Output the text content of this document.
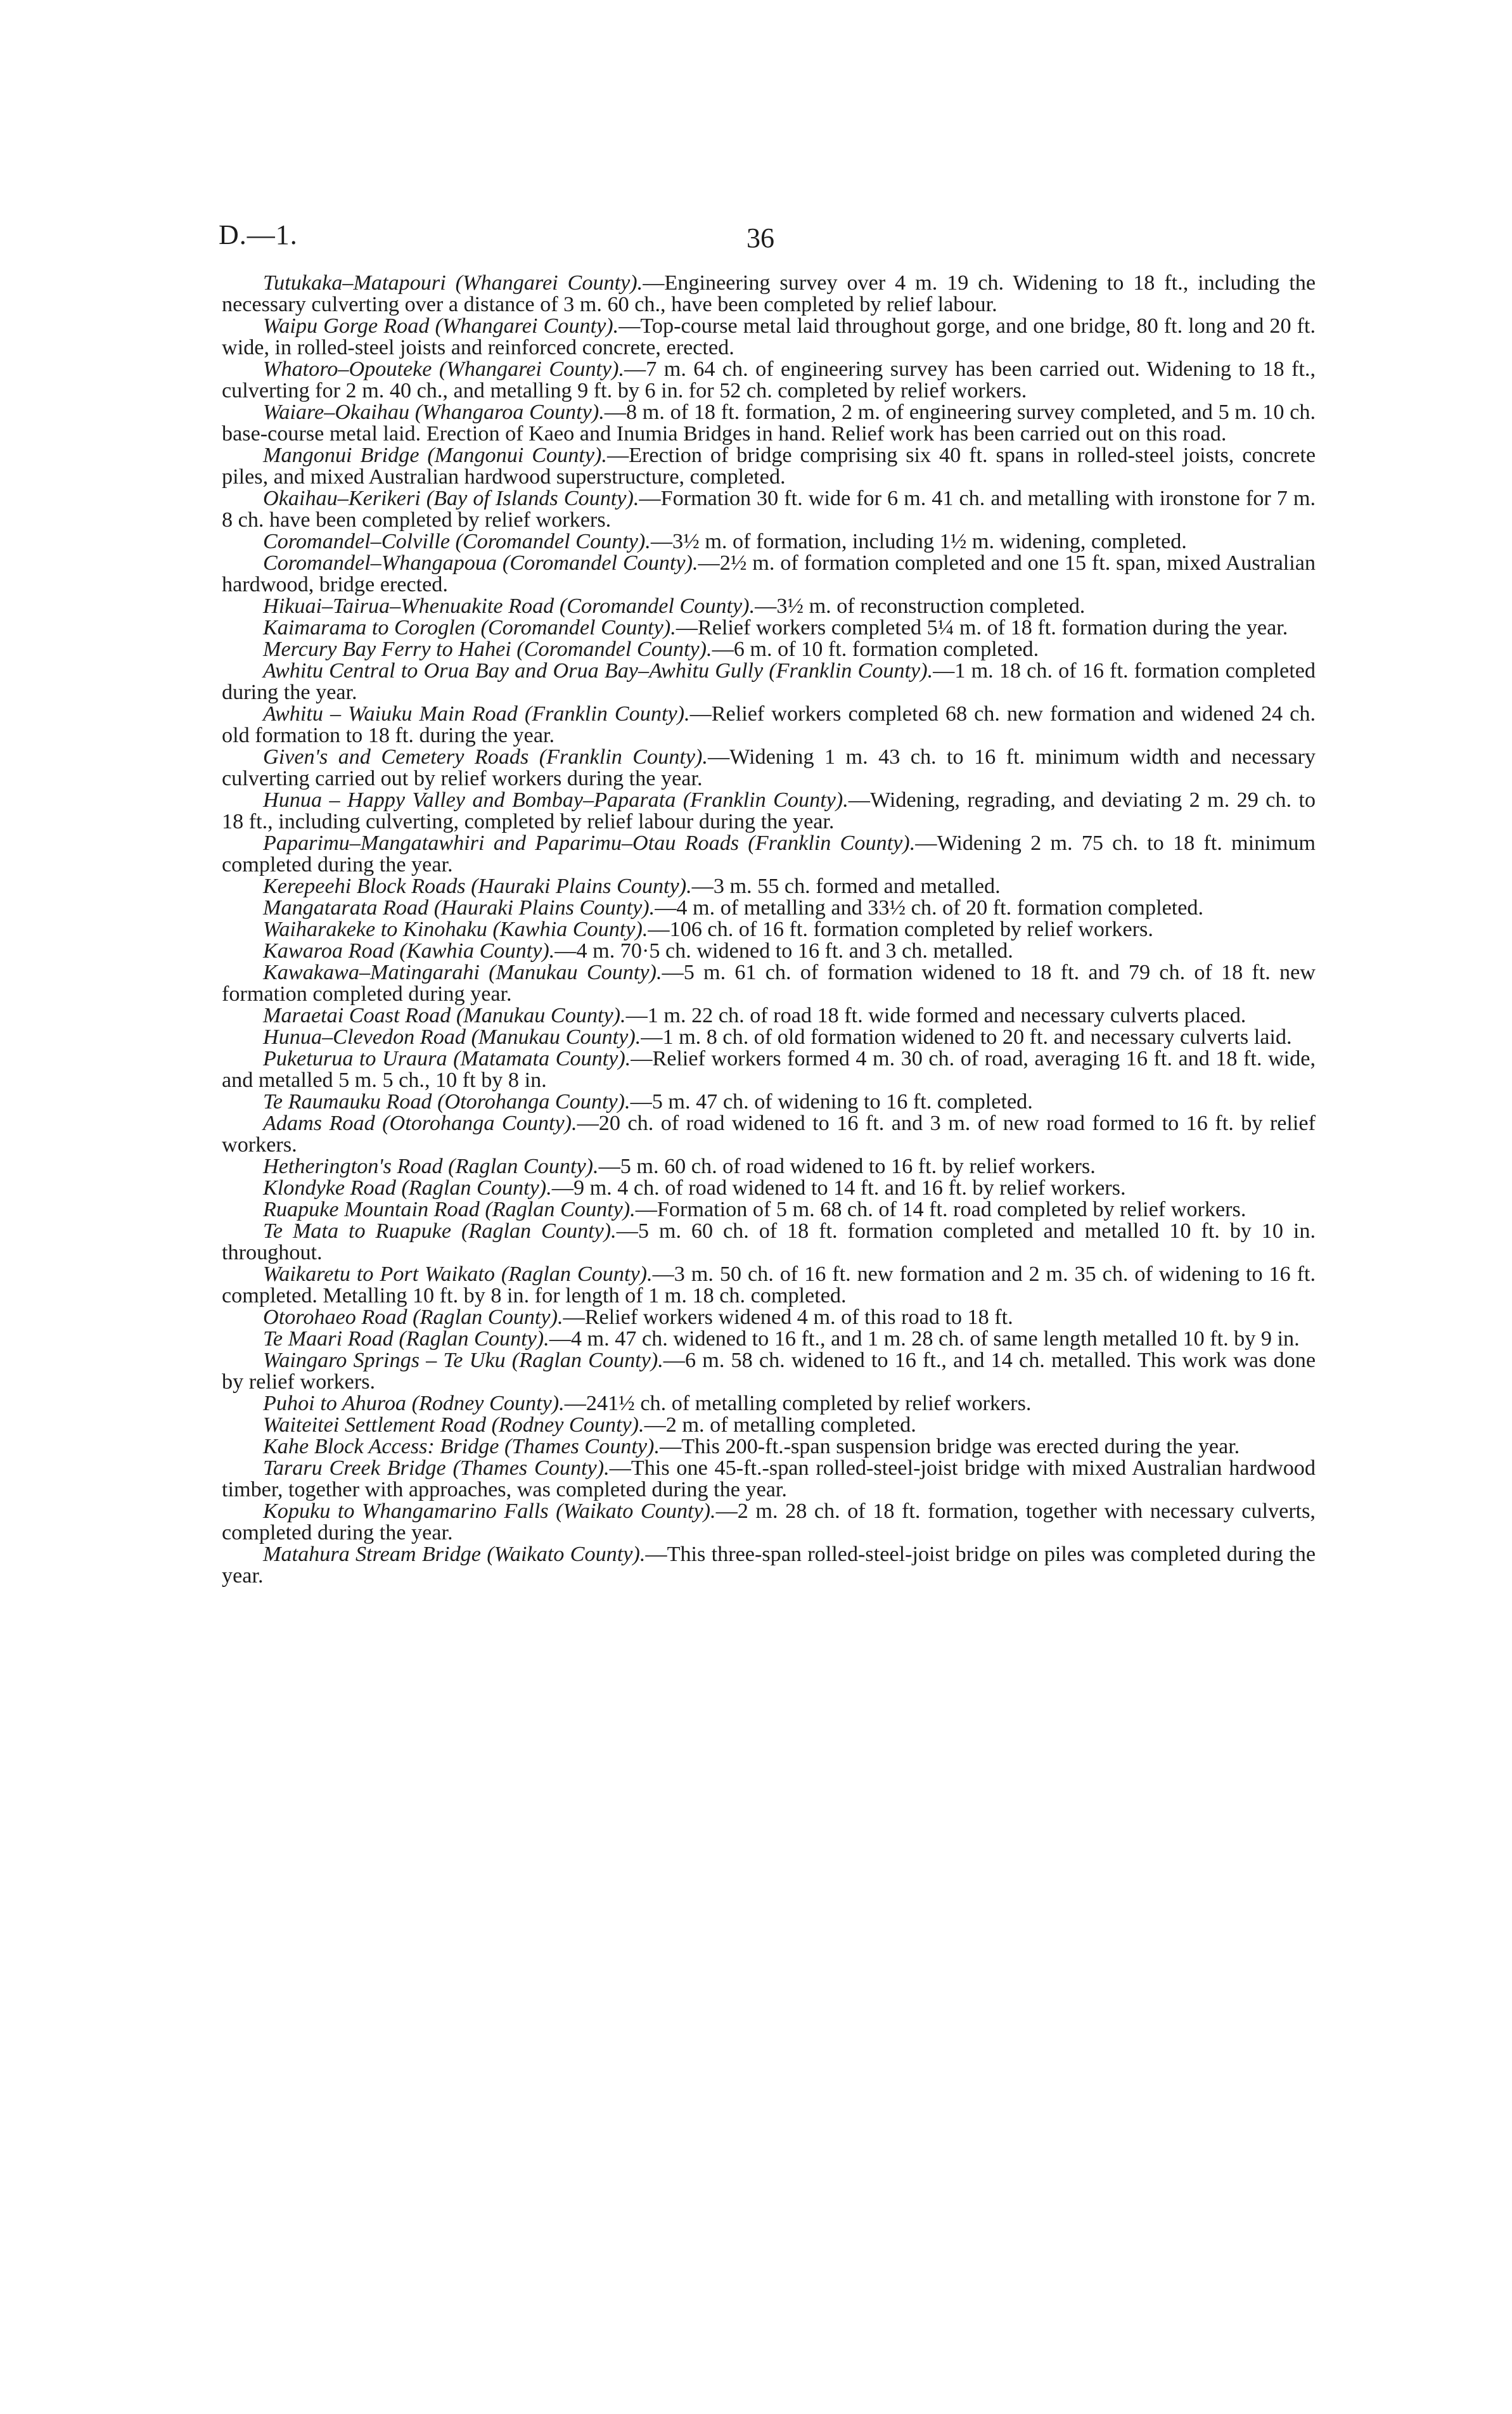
D.—1.	36

Tutukaka–Matapouri (Whangarei County).—Engineering survey over 4 m. 19 ch. Widening to 18 ft., including the necessary culverting over a distance of 3 m. 60 ch., have been completed by relief labour.

Waipu Gorge Road (Whangarei County).—Top-course metal laid throughout gorge, and one bridge, 80 ft. long and 20 ft. wide, in rolled-steel joists and reinforced concrete, erected.

Whatoro–Opouteke (Whangarei County).—7 m. 64 ch. of engineering survey has been carried out. Widening to 18 ft., culverting for 2 m. 40 ch., and metalling 9 ft. by 6 in. for 52 ch. completed by relief workers.

Waiare–Okaihau (Whangaroa County).—8 m. of 18 ft. formation, 2 m. of engineering survey completed, and 5 m. 10 ch. base-course metal laid. Erection of Kaeo and Inumia Bridges in hand. Relief work has been carried out on this road.

Mangonui Bridge (Mangonui County).—Erection of bridge comprising six 40 ft. spans in rolled-steel joists, concrete piles, and mixed Australian hardwood superstructure, completed.

Okaihau–Kerikeri (Bay of Islands County).—Formation 30 ft. wide for 6 m. 41 ch. and metalling with ironstone for 7 m. 8 ch. have been completed by relief workers.

Coromandel–Colville (Coromandel County).—3½ m. of formation, including 1½ m. widening, completed.

Coromandel–Whangapoua (Coromandel County).—2½ m. of formation completed and one 15 ft. span, mixed Australian hardwood, bridge erected.

Hikuai–Tairua–Whenuakite Road (Coromandel County).—3½ m. of reconstruction completed.

Kaimarama to Coroglen (Coromandel County).—Relief workers completed 5¼ m. of 18 ft. formation during the year.

Mercury Bay Ferry to Hahei (Coromandel County).—6 m. of 10 ft. formation completed.

Awhitu Central to Orua Bay and Orua Bay–Awhitu Gully (Franklin County).—1 m. 18 ch. of 16 ft. formation completed during the year.

Awhitu – Waiuku Main Road (Franklin County).—Relief workers completed 68 ch. new formation and widened 24 ch. old formation to 18 ft. during the year.

Given's and Cemetery Roads (Franklin County).—Widening 1 m. 43 ch. to 16 ft. minimum width and necessary culverting carried out by relief workers during the year.

Hunua – Happy Valley and Bombay–Paparata (Franklin County).—Widening, regrading, and deviating 2 m. 29 ch. to 18 ft., including culverting, completed by relief labour during the year.

Paparimu–Mangatawhiri and Paparimu–Otau Roads (Franklin County).—Widening 2 m. 75 ch. to 18 ft. minimum completed during the year.

Kerepeehi Block Roads (Hauraki Plains County).—3 m. 55 ch. formed and metalled.

Mangatarata Road (Hauraki Plains County).—4 m. of metalling and 33½ ch. of 20 ft. formation completed.

Waiharakeke to Kinohaku (Kawhia County).—106 ch. of 16 ft. formation completed by relief workers.

Kawaroa Road (Kawhia County).—4 m. 70·5 ch. widened to 16 ft. and 3 ch. metalled.

Kawakawa–Matingarahi (Manukau County).—5 m. 61 ch. of formation widened to 18 ft. and 79 ch. of 18 ft. new formation completed during year.

Maraetai Coast Road (Manukau County).—1 m. 22 ch. of road 18 ft. wide formed and necessary culverts placed.

Hunua–Clevedon Road (Manukau County).—1 m. 8 ch. of old formation widened to 20 ft. and necessary culverts laid.

Puketurua to Uraura (Matamata County).—Relief workers formed 4 m. 30 ch. of road, averaging 16 ft. and 18 ft. wide, and metalled 5 m. 5 ch., 10 ft by 8 in.

Te Raumauku Road (Otorohanga County).—5 m. 47 ch. of widening to 16 ft. completed.

Adams Road (Otorohanga County).—20 ch. of road widened to 16 ft. and 3 m. of new road formed to 16 ft. by relief workers.

Hetherington's Road (Raglan County).—5 m. 60 ch. of road widened to 16 ft. by relief workers.

Klondyke Road (Raglan County).—9 m. 4 ch. of road widened to 14 ft. and 16 ft. by relief workers.

Ruapuke Mountain Road (Raglan County).—Formation of 5 m. 68 ch. of 14 ft. road completed by relief workers.

Te Mata to Ruapuke (Raglan County).—5 m. 60 ch. of 18 ft. formation completed and metalled 10 ft. by 10 in. throughout.

Waikaretu to Port Waikato (Raglan County).—3 m. 50 ch. of 16 ft. new formation and 2 m. 35 ch. of widening to 16 ft. completed. Metalling 10 ft. by 8 in. for length of 1 m. 18 ch. completed.

Otorohaeo Road (Raglan County).—Relief workers widened 4 m. of this road to 18 ft.

Te Maari Road (Raglan County).—4 m. 47 ch. widened to 16 ft., and 1 m. 28 ch. of same length metalled 10 ft. by 9 in.

Waingaro Springs – Te Uku (Raglan County).—6 m. 58 ch. widened to 16 ft., and 14 ch. metalled. This work was done by relief workers.

Puhoi to Ahuroa (Rodney County).—241½ ch. of metalling completed by relief workers.

Waiteitei Settlement Road (Rodney County).—2 m. of metalling completed.

Kahe Block Access: Bridge (Thames County).—This 200-ft.-span suspension bridge was erected during the year.

Tararu Creek Bridge (Thames County).—This one 45-ft.-span rolled-steel-joist bridge with mixed Australian hardwood timber, together with approaches, was completed during the year.

Kopuku to Whangamarino Falls (Waikato County).—2 m. 28 ch. of 18 ft. formation, together with necessary culverts, completed during the year.

Matahura Stream Bridge (Waikato County).—This three-span rolled-steel-joist bridge on piles was completed during the year.
